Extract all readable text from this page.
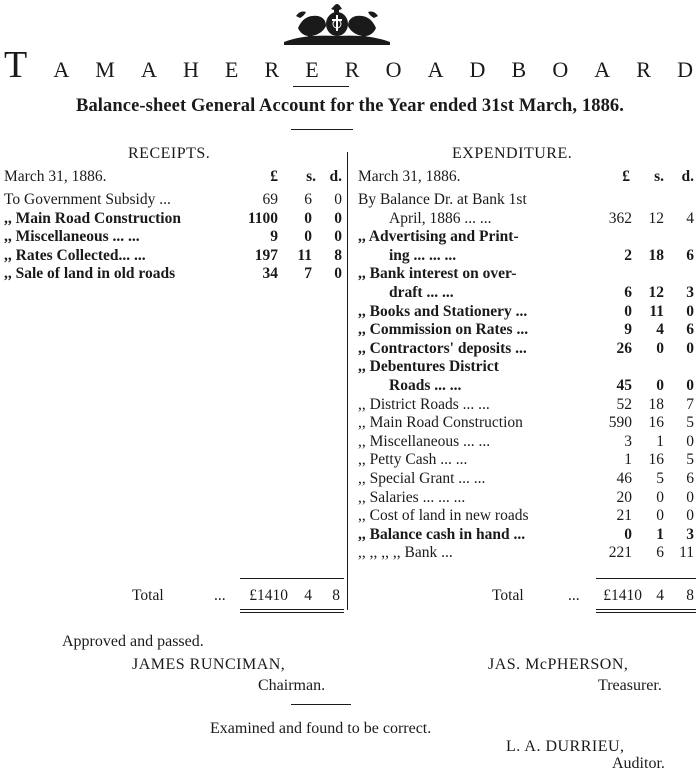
T A M A H E R E R O A D B O A R D
Balance-sheet General Account for the Year ended 31st March, 1886.
RECEIPTS.	EXPENDITURE.
March 31, 1886.	£	s. d.
To Government Subsidy ...	69	6	0
,, Main Road Construction	1100	0	0
,, Miscellaneous ... ...	9	0	0
,, Rates Collected... ...	197	11	8
,, Sale of land in old roads	34	7	0
March 31, 1886.	£	s.	d.
By Balance Dr. at Bank 1st
  April, 1886 ... ...	362	12	4
,, Advertising and Print-
  ing ... ... ...	2	18	6
,, Bank interest on over-
  draft ... ...	6	12	3
,, Books and Stationery ...	0	11	0
,, Commission on Rates ...	9	4	6
,, Contractors' deposits ...	26	0	0
,, Debentures District
  Roads ... ...	45	0	0
,, District Roads ... ...	52	18	7
,, Main Road Construction	590	16	5
,, Miscellaneous ... ...	3	1	0
,, Petty Cash ... ...	1	16	5
,, Special Grant ... ...	46	5	6
,, Salaries ... ... ...	20	0	0
,, Cost of land in new roads	21	0	0
,, Balance cash in hand ...	0	1	3
,, ,, ,, ,, Bank ...	221	6 11
Total	...	£1410	4	8	Total	...	£1410 4	8
Approved and passed.
JAMES RUNCIMAN,
Chairman.
JAS. McPHERSON,
Treasurer.
Examined and found to be correct.
L. A. DURRIEU,
Auditor.
